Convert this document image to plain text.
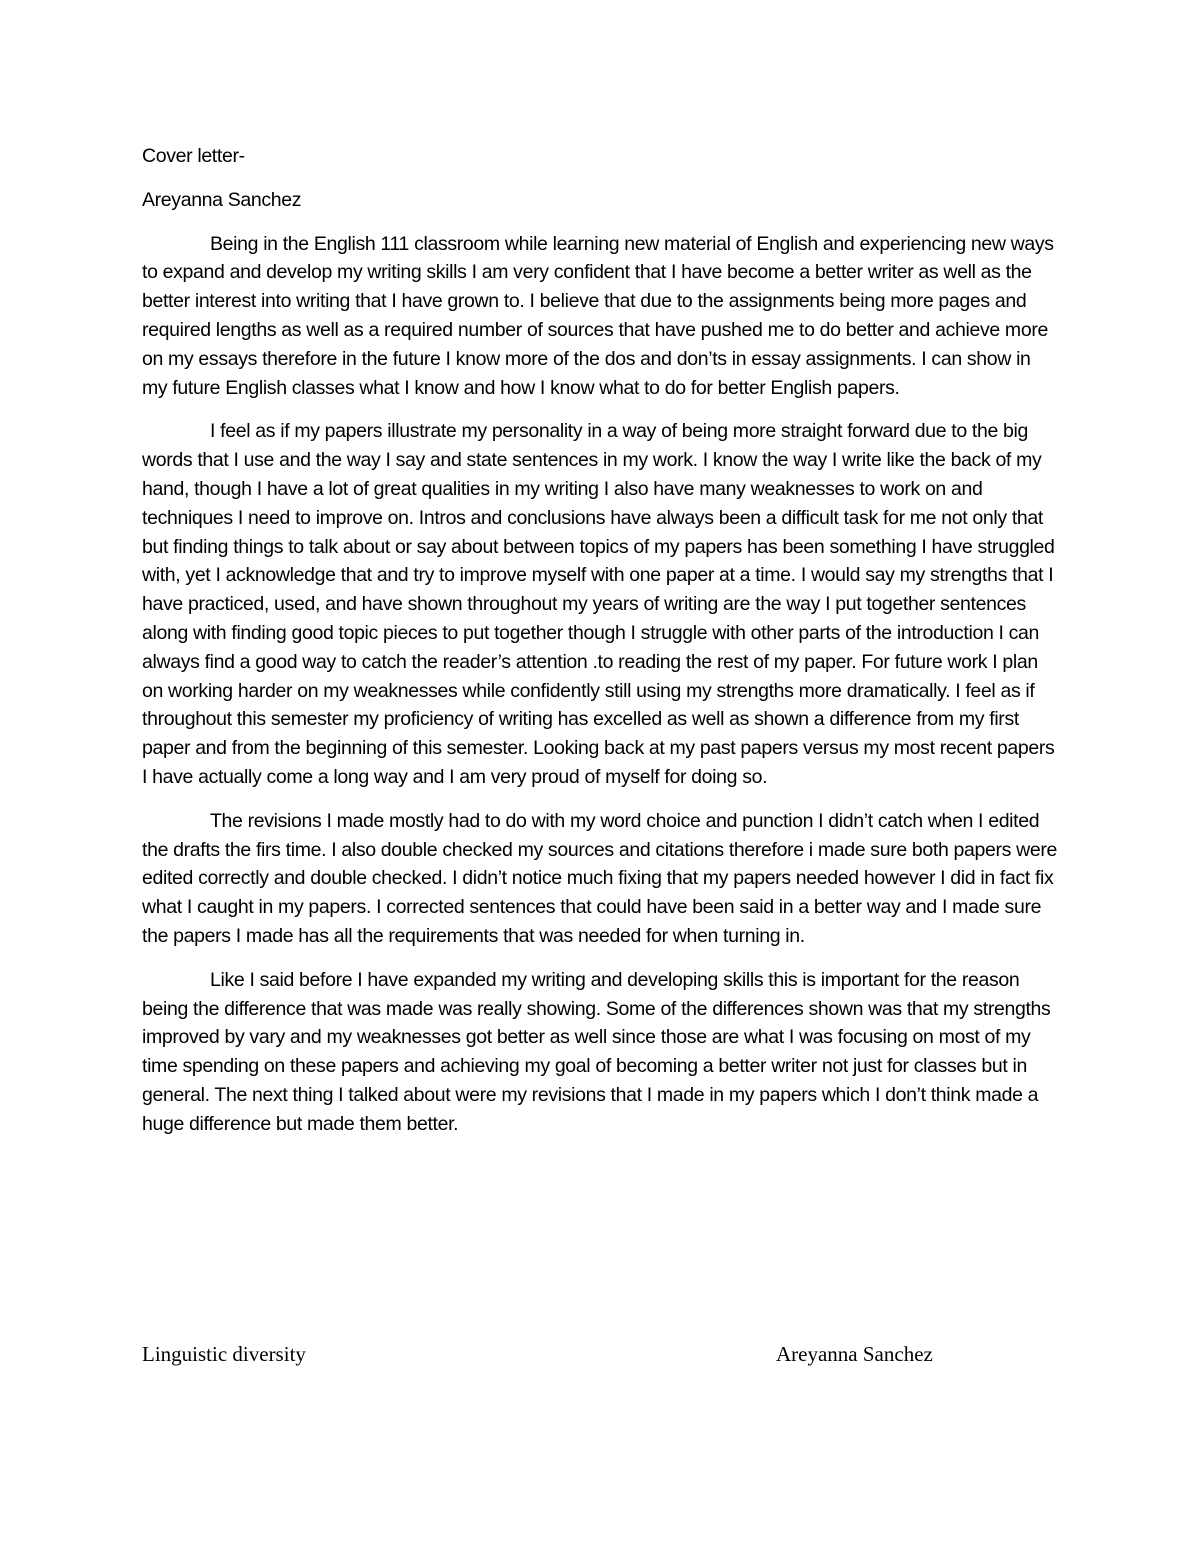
Cover letter-

Areyanna Sanchez

Being in the English 111 classroom while learning new material of English and experiencing new ways to expand and develop my writing skills I am very confident that I have become a better writer as well as the better interest into writing that I have grown to. I believe that due to the assignments being more pages and required lengths as well as a required number of sources that have pushed me to do better and achieve more on my essays therefore in the future I know more of the dos and don’ts in essay assignments. I can show in my future English classes what I know and how I know what to do for better English papers.

I feel as if my papers illustrate my personality in a way of being more straight forward due to the big words that I use and the way I say and state sentences in my work. I know the way I write like the back of my hand, though I have a lot of great qualities in my writing I also have many weaknesses to work on and techniques I need to improve on. Intros and conclusions have always been a difficult task for me not only that but finding things to talk about or say about between topics of my papers has been something I have struggled with, yet I acknowledge that and try to improve myself with one paper at a time. I would say my strengths that I have practiced, used, and have shown throughout my years of writing are the way I put together sentences along with finding good topic pieces to put together though I struggle with other parts of the introduction I can always find a good way to catch the reader’s attention .to reading the rest of my paper. For future work I plan on working harder on my weaknesses while confidently still using my strengths more dramatically. I feel as if throughout this semester my proficiency of writing has excelled as well as shown a difference from my first paper and from the beginning of this semester. Looking back at my past papers versus my most recent papers I have actually come a long way and I am very proud of myself for doing so.

The revisions I made mostly had to do with my word choice and punction I didn’t catch when I edited the drafts the firs time. I also double checked my sources and citations therefore i made sure both papers were edited correctly and double checked. I didn’t notice much fixing that my papers needed however I did in fact fix what I caught in my papers. I corrected sentences that could have been said in a better way and I made sure the papers I made has all the requirements that was needed for when turning in.

Like I said before I have expanded my writing and developing skills this is important for the reason being the difference that was made was really showing. Some of the differences shown was that my strengths improved by vary and my weaknesses got better as well since those are what I was focusing on most of my time spending on these papers and achieving my goal of becoming a better writer not just for classes but in general. The next thing I talked about were my revisions that I made in my papers which I don’t think made a huge difference but made them better.

Linguistic diversity	Areyanna Sanchez
